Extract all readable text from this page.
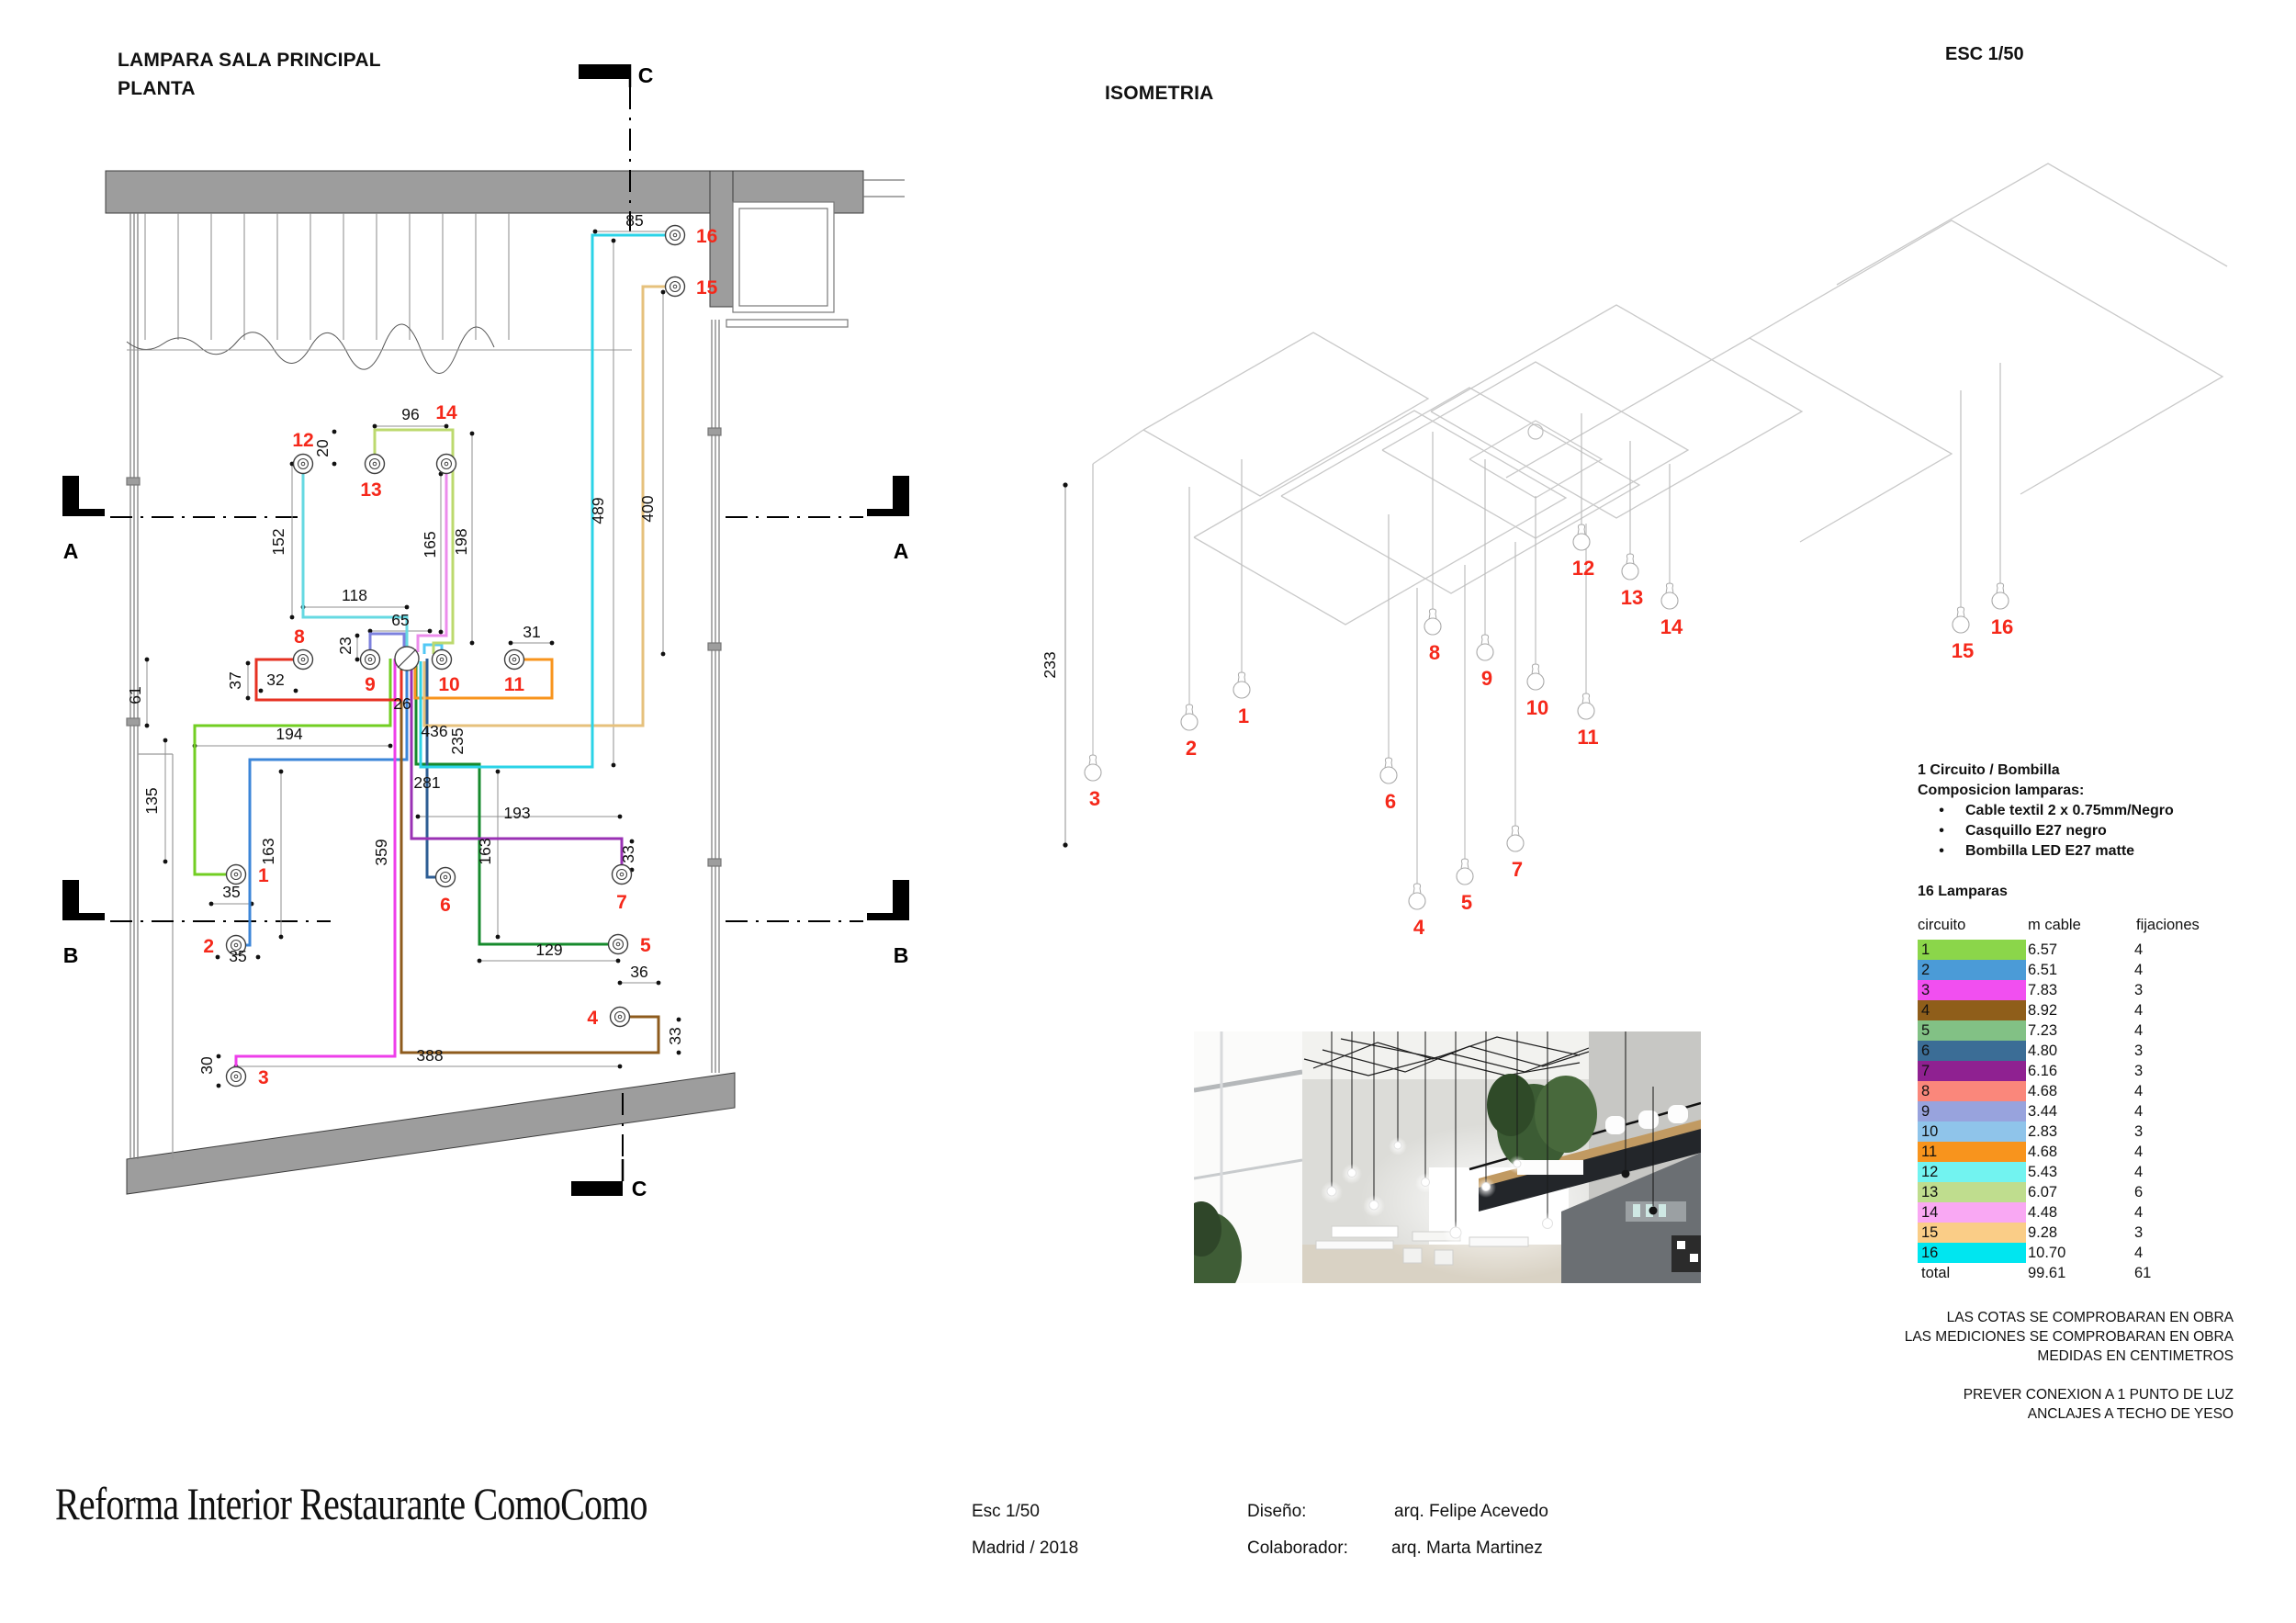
LAMPARA SALA PRINCIPAL
PLANTA	ISOMETRIA
ESC 1/50
C
C
A	A
B	B
1
2
3
4
5
6	7
8
9	10 11
12
13
14
15
16
85
489 400
96
20
152
118
165 198
65
23
31
37 32
61	26
194	436 235
135
281
193
163	359	163	33
35
35	129
36
33
30
388
233
1
2
3
4
5
6
7
8
9
10
11
12
13
14
15
16
1 Circuito / Bombilla
Composicion lamparas:
•
Cable textil 2 x 0.75mm/Negro
•
Casquillo E27 negro
•
Bombilla LED E27 matte
16 Lamparas
circuito	m cable	fijaciones
1	6.57	4
2	6.51	4
3	7.83	3
4	8.92	4
5	7.23	4
6	4.80	3
7	6.16	3
8	4.68	4
9	3.44	4
10	2.83	3
11	4.68	4
12	5.43	4
13	6.07	6
14	4.48	4
15	9.28	3
16	10.70	4
total	99.61	61
LAS COTAS SE COMPROBARAN EN OBRA
LAS MEDICIONES SE COMPROBARAN EN OBRA
MEDIDAS EN CENTIMETROS
PREVER CONEXION A 1 PUNTO DE LUZ
ANCLAJES A TECHO DE YESO
Reforma Interior Restaurante ComoComo	Esc 1/50
Madrid / 2018
Diseño:	arq. Felipe Acevedo
Colaborador: arq. Marta Martinez
